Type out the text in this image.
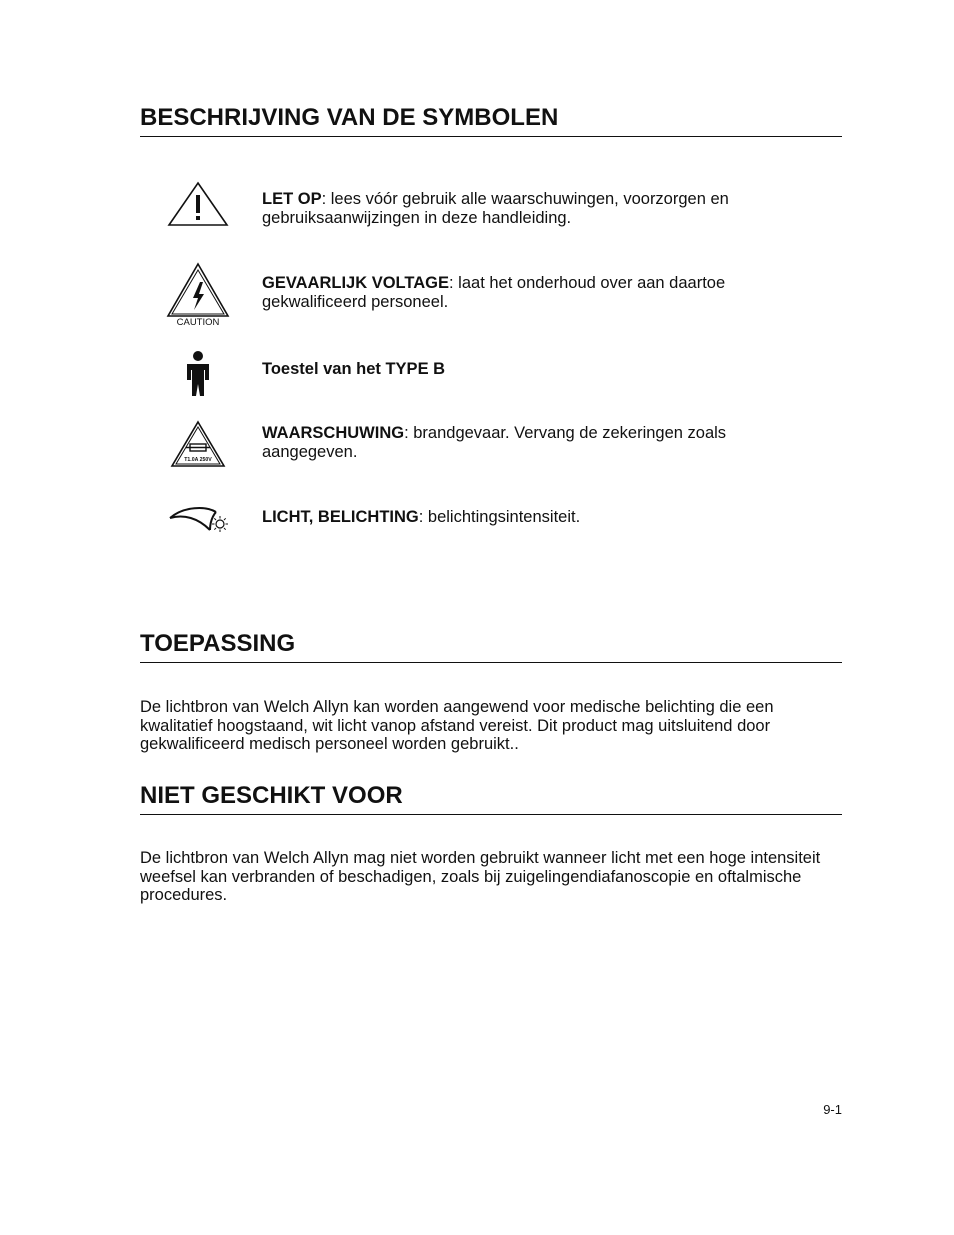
BESCHRIJVING VAN DE SYMBOLEN
LET OP: lees vóór gebruik alle waarschuwingen, voorzorgen en gebruiksaanwijzingen in deze handleiding.
CAUTION
GEVAARLIJK VOLTAGE: laat het onderhoud over aan daartoe gekwalificeerd personeel.
Toestel van het TYPE B
T1.0A 250V
WAARSCHUWING: brandgevaar. Vervang de zekeringen zoals aangegeven.
LICHT, BELICHTING: belichtingsintensiteit.
TOEPASSING
De lichtbron van Welch Allyn kan worden aangewend voor medische belichting die een kwalitatief hoogstaand, wit licht vanop afstand vereist. Dit product mag uitsluitend door gekwalificeerd medisch personeel worden gebruikt..
NIET GESCHIKT VOOR
De lichtbron van Welch Allyn mag niet worden gebruikt wanneer licht met een hoge intensiteit weefsel kan verbranden of beschadigen, zoals bij zuigelingendiafanoscopie en oftalmische procedures.
9-1
